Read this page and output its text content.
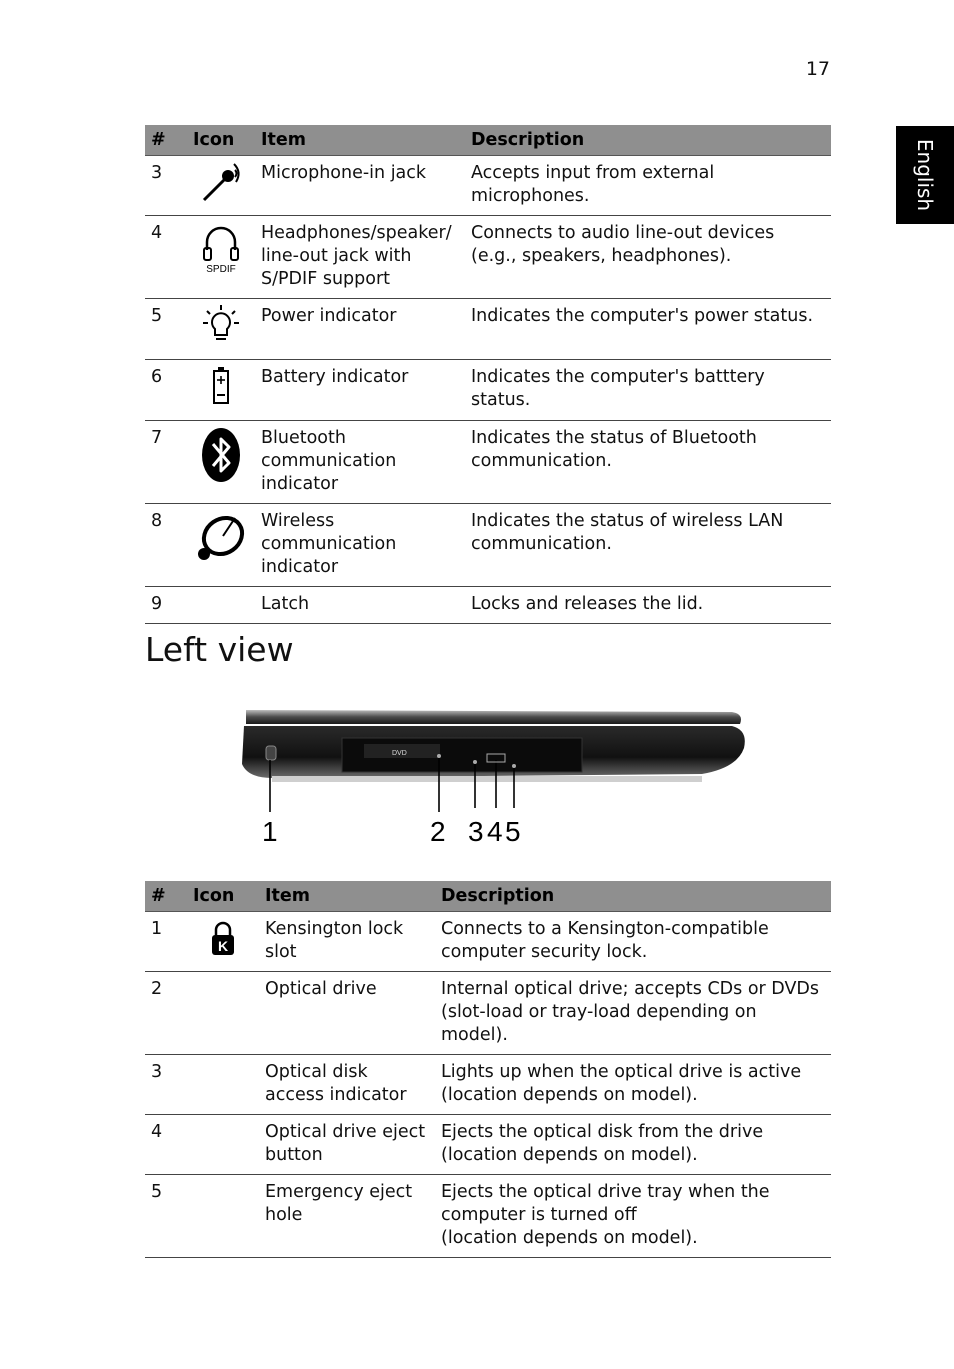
17
English
#	Icon	Item	Description
3		Microphone-in jack	Accepts input from external microphones.
4	SPDIF	Headphones/speaker/ line-out jack with S/PDIF support	Connects to audio line-out devices (e.g., speakers, headphones).
5		Power indicator	Indicates the computer's power status.
6		Battery indicator	Indicates the computer's batttery status.
7		Bluetooth communication indicator	Indicates the status of Bluetooth communication.
8		Wireless communication indicator	Indicates the status of wireless LAN communication.
9		Latch	Locks and releases the lid.
Left view
DVD
1	2 3 4 5
#	Icon	Item	Description
1	K	Kensington lock slot	Connects to a Kensington-compatible computer security lock.
2		Optical drive	Internal optical drive; accepts CDs or DVDs (slot-load or tray-load depending on model).
3		Optical disk access indicator	Lights up when the optical drive is active (location depends on model).
4		Optical drive eject button	Ejects the optical disk from the drive (location depends on model).
5		Emergency eject hole	Ejects the optical drive tray when the computer is turned off
(location depends on model).
